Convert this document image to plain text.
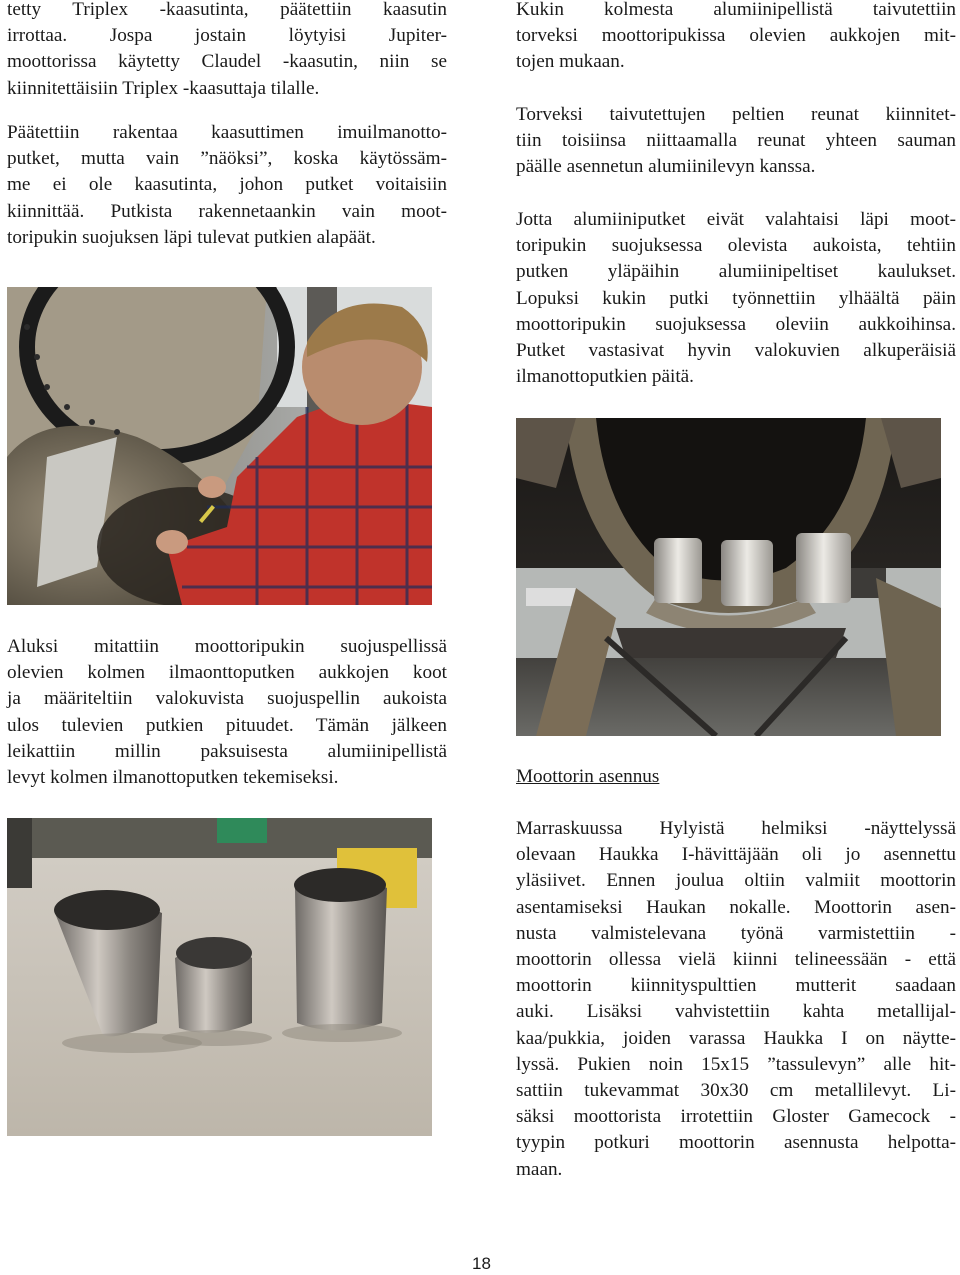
tetty Triplex -kaasutinta, päätettiin kaasutin
irrottaa. Jospa jostain löytyisi Jupiter-
moottorissa käytetty Claudel -kaasutin, niin se
kiinnitettäisiin Triplex -kaasuttaja tilalle.
Päätettiin rakentaa kaasuttimen imuilmanotto-
putket, mutta vain ”näöksi”, koska käytössäm-
me ei ole kaasutinta, johon putket voitaisiin
kiinnittää. Putkista rakennetaankin vain moot-
toripukin suojuksen läpi tulevat putkien alapäät.
Aluksi mitattiin moottoripukin suojuspellissä
olevien kolmen ilmaonttoputken aukkojen koot
ja määriteltiin valokuvista suojuspellin aukoista
ulos tulevien putkien pituudet. Tämän jälkeen
leikattiin millin paksuisesta alumiinipellistä
levyt kolmen ilmanottoputken tekemiseksi.
Kukin kolmesta alumiinipellistä taivutettiin
torveksi moottoripukissa olevien aukkojen mit-
tojen mukaan.
Torveksi taivutettujen peltien reunat kiinnitet-
tiin toisiinsa niittaamalla reunat yhteen sauman
päälle asennetun alumiinilevyn kanssa.
Jotta alumiiniputket eivät valahtaisi läpi moot-
toripukin suojuksessa olevista aukoista, tehtiin
putken yläpäihin alumiinipeltiset kaulukset.
Lopuksi kukin putki työnnettiin ylhäältä päin
moottoripukin suojuksessa oleviin aukkoihinsa.
Putket vastasivat hyvin valokuvien alkuperäisiä
ilmanottoputkien päitä.
Moottorin asennus
Marraskuussa Hylyistä helmiksi -näyttelyssä
olevaan Haukka I-hävittäjään oli jo asennettu
yläsiivet. Ennen joulua oltiin valmiit moottorin
asentamiseksi Haukan nokalle. Moottorin asen-
nusta valmistelevana työnä varmistettiin -
moottorin ollessa vielä kiinni telineessään - että
moottorin kiinnityspulttien mutterit saadaan
auki. Lisäksi vahvistettiin kahta metallijal-
kaa/pukkia, joiden varassa Haukka I on näytte-
lyssä. Pukien noin 15x15 ”tassulevyn” alle hit-
sattiin tukevammat 30x30 cm metallilevyt. Li-
säksi moottorista irrotettiin Gloster Gamecock -
tyypin potkuri moottorin asennusta helpotta-
maan.
18
